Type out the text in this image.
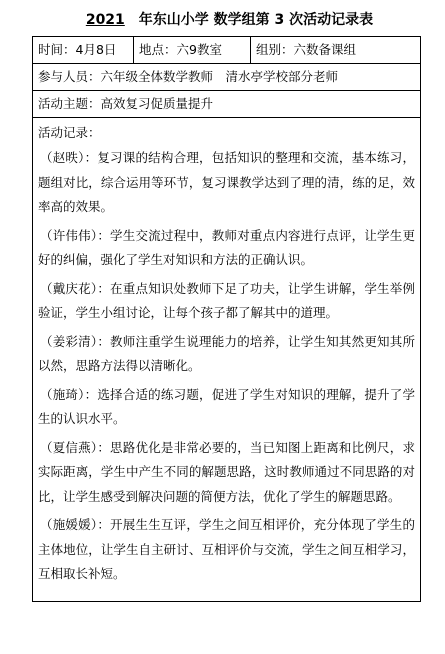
2021 年东山小学 数学组第 3 次活动记录表
时间：4月8日	地点：六9教室	组别：六数备课组
参与人员：六年级全体数学教师　清水亭学校部分老师
活动主题：高效复习促质量提升
活动记录：

（赵昳）：复习课的结构合理，包括知识的整理和交流，基本练习，题组对比，综合运用等环节，复习课教学达到了理的清，练的足，效率高的效果。

（许伟伟）：学生交流过程中，教师对重点内容进行点评，让学生更好的纠偏，强化了学生对知识和方法的正确认识。

（戴庆花）：在重点知识处教师下足了功夫，让学生讲解，学生举例验证，学生小组讨论，让每个孩子都了解其中的道理。

（姜彩清）：教师注重学生说理能力的培养，让学生知其然更知其所以然，思路方法得以清晰化。

（施琦）：选择合适的练习题，促进了学生对知识的理解，提升了学生的认识水平。

（夏信燕）：思路优化是非常必要的，当已知图上距离和比例尺，求实际距离，学生中产生不同的解题思路，这时教师通过不同思路的对比，让学生感受到解决问题的简便方法，优化了学生的解题思路。

（施媛媛）：开展生生互评，学生之间互相评价，充分体现了学生的主体地位，让学生自主研讨、互相评价与交流，学生之间互相学习，互相取长补短。
